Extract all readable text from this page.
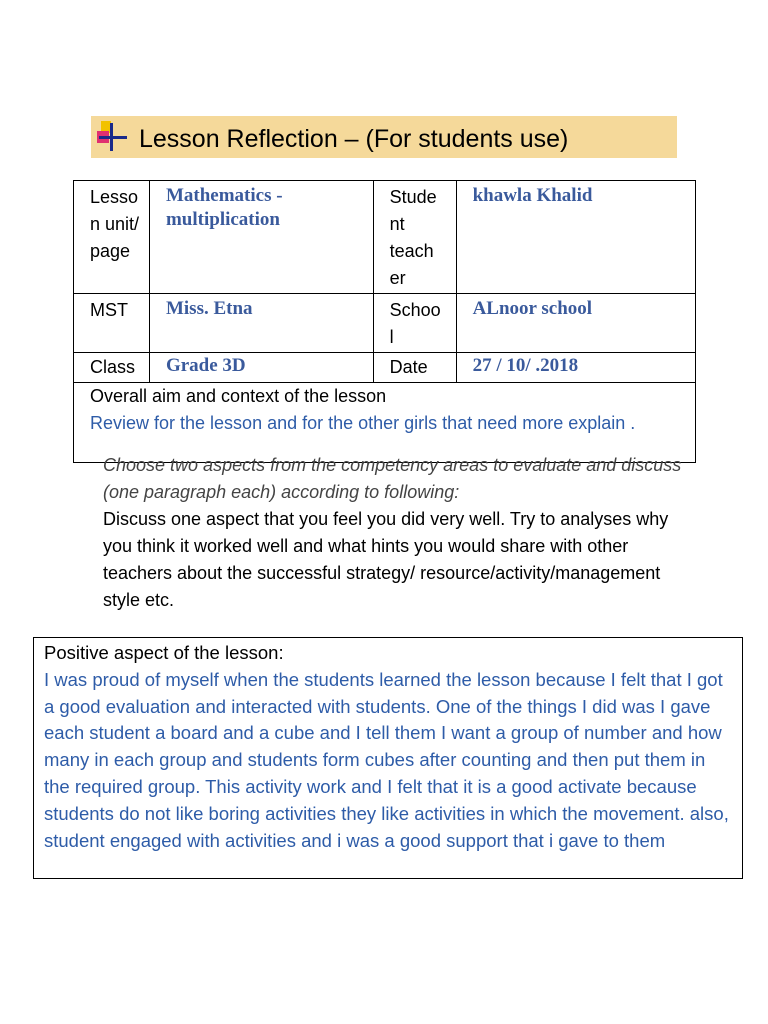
Lesson Reflection – (For students use)
Lesso n unit/ page	Mathematics - multiplication	Stude nt teach er	khawla Khalid

MST	Miss. Etna	Schoo l	ALnoor school

Class	Grade 3D	Date	27 / 10/ .2018

Overall aim and context of the lesson
Review for the lesson and for the other girls that need more explain .			
Choose two aspects from the competency areas to evaluate and discuss (one paragraph each) according to following:
Discuss one aspect that you feel you did very well. Try to analyses why you think it worked well and what hints you would share with other teachers about the successful strategy/ resource/activity/management style etc.
Positive aspect of the lesson:
I was proud of myself when the students learned the lesson because I felt that I got a good evaluation and interacted with students. One of the things I did was I gave each student a board and a cube and I tell them I want a group of number and how many in each group and students form cubes after counting and then put them in the required group. This activity work and I felt that it is a good activate because students do not like boring activities they like activities in which the movement. also, student engaged with activities and i was a good support that i gave to them
